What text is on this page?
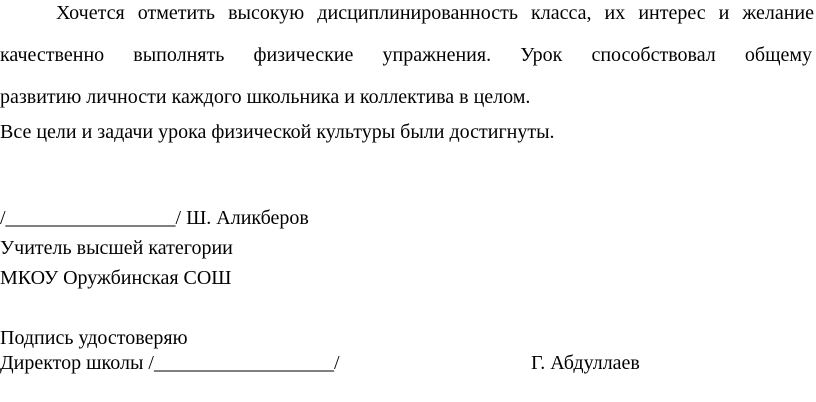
Хочется отметить высокую дисциплинированность класса, их интерес и желание
качественно выполнять физические упражнения. Урок способствовал общему
развитию личности каждого школьника и коллектива в целом.
Все цели и задачи урока физической культуры были достигнуты.
/_________________/ Ш. Аликберов
Учитель высшей категории
МКОУ Оружбинская СОШ
Подпись удостоверяю
Директор школы /__________________/	Г. Абдуллаев
